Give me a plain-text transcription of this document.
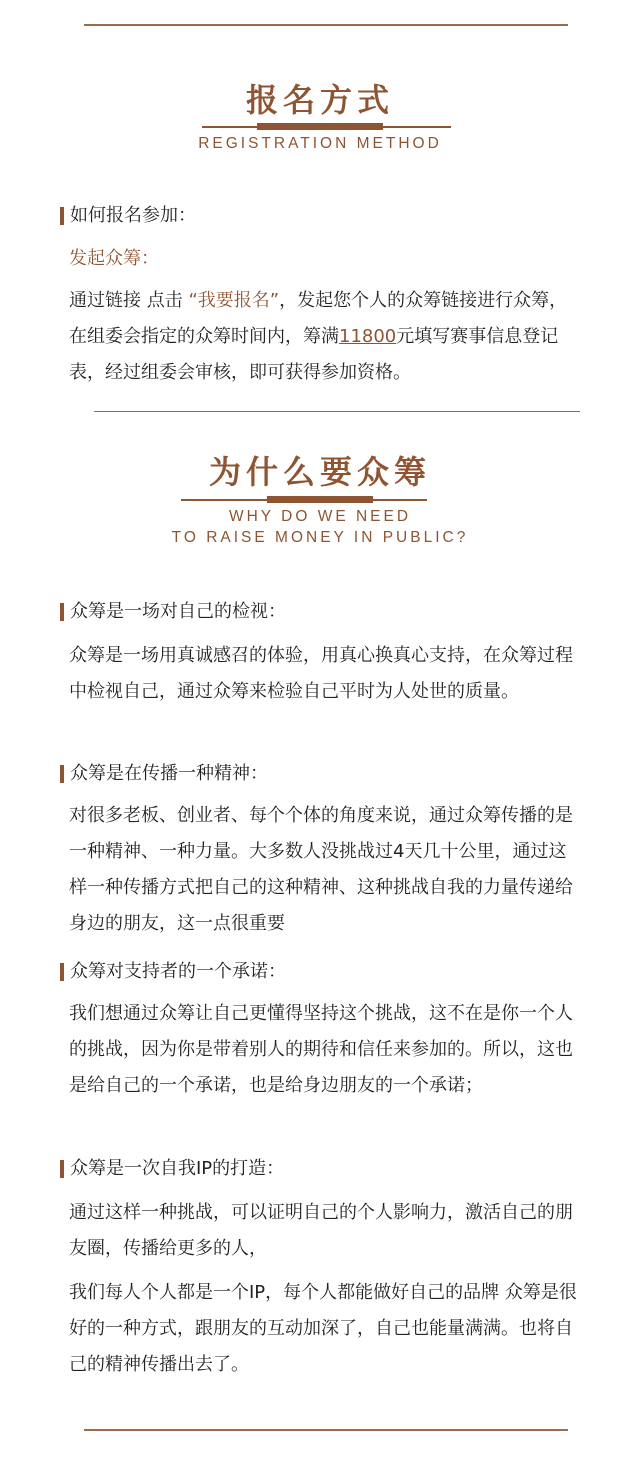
报名方式
REGISTRATION METHOD
如何报名参加：
发起众筹：

通过链接 点击 “我要报名”，发起您个人的众筹链接进行众筹，在组委会指定的众筹时间内，筹满11800元填写赛事信息登记表，经过组委会审核，即可获得参加资格。

为什么要众筹
WHY DO WE NEED
TO RAISE MONEY IN PUBLIC?
众筹是一场对自己的检视：

众筹是一场用真诚感召的体验，用真心换真心支持，在众筹过程中检视自己，通过众筹来检验自己平时为人处世的质量。

众筹是在传播一种精神：

对很多老板、创业者、每个个体的角度来说，通过众筹传播的是一种精神、一种力量。大多数人没挑战过4天几十公里，通过这样一种传播方式把自己的这种精神、这种挑战自我的力量传递给身边的朋友，这一点很重要

众筹对支持者的一个承诺：

我们想通过众筹让自己更懂得坚持这个挑战，这不在是你一个人的挑战，因为你是带着别人的期待和信任来参加的。所以，这也是给自己的一个承诺，也是给身边朋友的一个承诺；

众筹是一次自我IP的打造：

通过这样一种挑战，可以证明自己的个人影响力，激活自己的朋友圈，传播给更多的人，

我们每人个人都是一个IP，每个人都能做好自己的品牌 众筹是很好的一种方式，跟朋友的互动加深了，自己也能量满满。也将自己的精神传播出去了。
